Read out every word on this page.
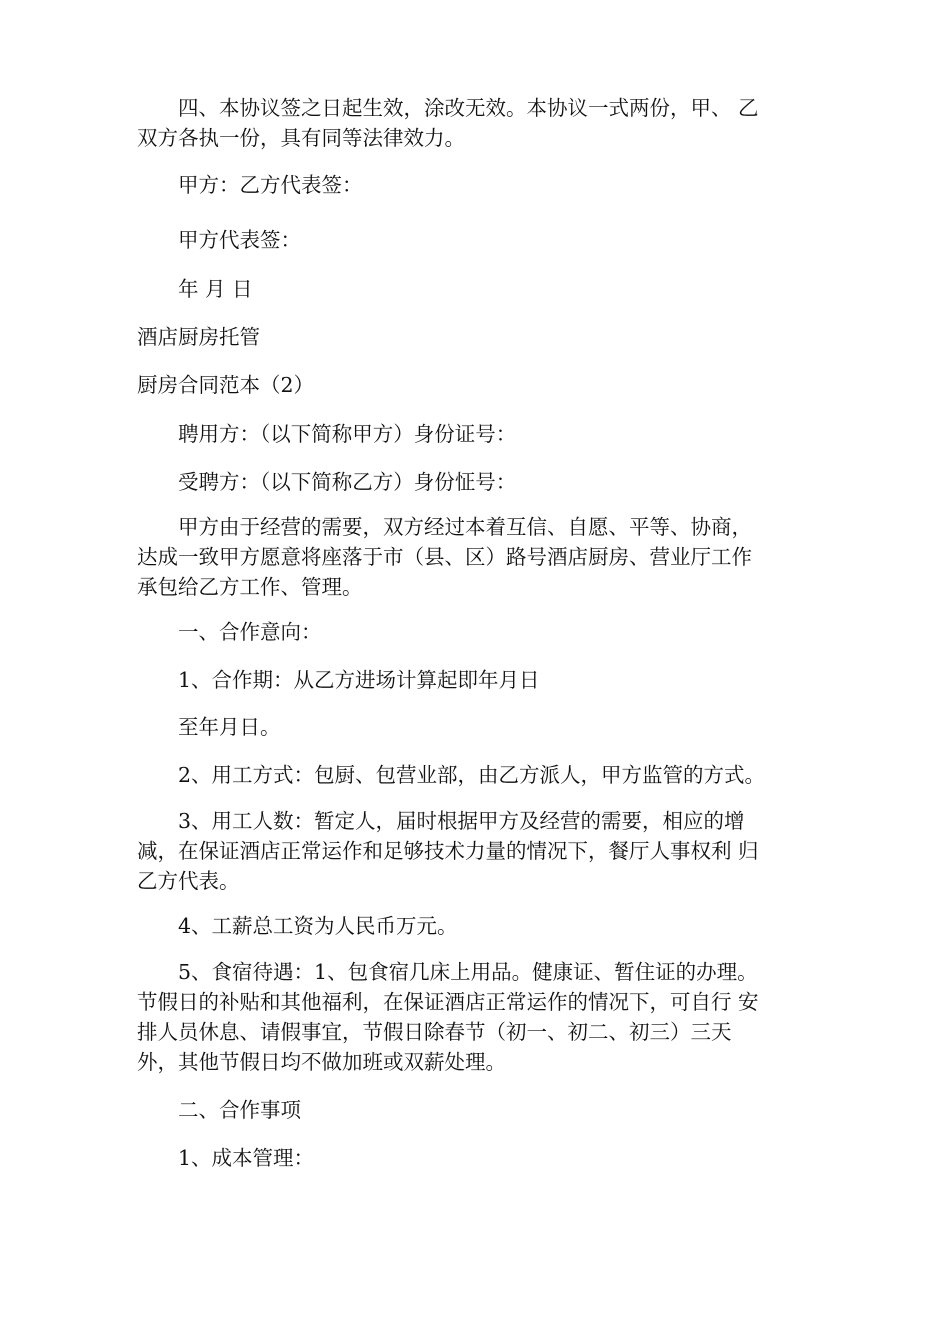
　　四、本协议签之日起生效，涂改无效。本协议一式两份，甲、 乙
双方各执一份，具有同等法律效力。
　　甲方：乙方代表签：
　　甲方代表签：
　　年 月 日
酒店厨房托管
厨房合同范本（2）
　　聘用方：（以下简称甲方）身份证号：
　　受聘方：（以下简称乙方）身份怔号：
　　甲方由于经营的需要，双方经过本着互信、自愿、平等、协商，
达成一致甲方愿意将座落于市（县、区）路号酒店厨房、营业厅工作
承包给乙方工作、管理。
　　一、合作意向：
　　1、合作期：从乙方进场计算起即年月日
　　至年月日。
　　2、用工方式：包厨、包营业部，由乙方派人，甲方监管的方式。
　　3、用工人数：暂定人，届时根据甲方及经营的需要，相应的增
减，在保证酒店正常运作和足够技术力量的情况下，餐厅人事权利 归
乙方代表。
　　4、工薪总工资为人民币万元。
　　5、食宿待遇：1、包食宿几床上用品。健康证、暂住证的办理。
节假日的补贴和其他福利，在保证酒店正常运作的情况下，可自行 安
排人员休息、请假事宜，节假日除春节（初一、初二、初三）三天
外，其他节假日均不做加班或双薪处理。
　　二、合作事项
　　1、成本管理：
